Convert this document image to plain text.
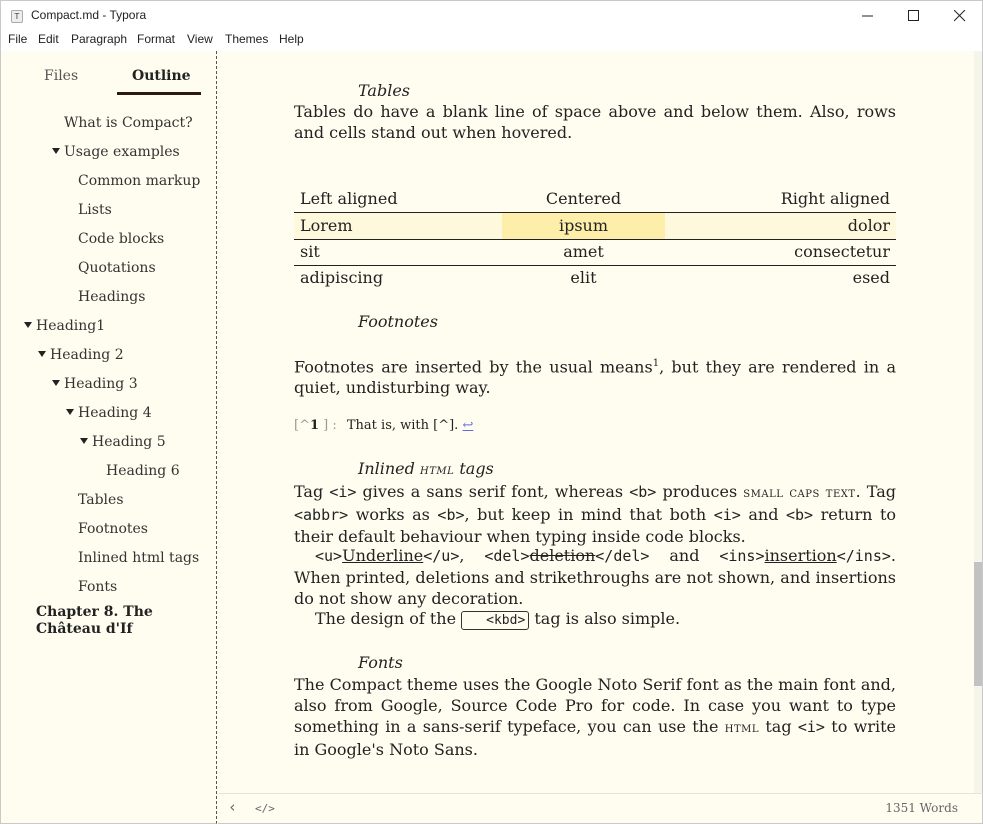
T Compact.md - Typora
File Edit Paragraph Format View Themes Help
Files	Outline
What is Compact?
Usage examples
Common markup
Lists
Code blocks
Quotations
Headings
Heading1
Heading 2
Heading 3
Heading 4
Heading 5
Heading 6
Tables
Footnotes
Inlined html tags
Fonts
Chapter 8. The Château d'If
Tables
Tables do have a blank line of space above and below them. Also, rows and cells stand out when hovered.
Left aligned	Centered	Right aligned
Lorem	ipsum	dolor
sit	amet	consectetur
adipiscing	elit	esed
Footnotes
Footnotes are inserted by the usual means$^1$, but they are rendered in a quiet, undisturbing way.
[^1 ] : That is, with [^]. ↩
Inlined html tags
Tag <i> gives a sans serif font, whereas <b> produces small caps text. Tag <abbr> works as <b>, but keep in mind that both <i> and <b> return to their default behaviour when typing inside code blocks.
<u>Underline</u>, <del>deletion</del> and <ins>insertion</ins>. When printed, deletions and strikethroughs are not shown, and insertions do not show any decoration.
The design of the <kbd> tag is also simple.
Fonts
The Compact theme uses the Google Noto Serif font as the main font and, also from Google, Source Code Pro for code. In case you want to type something in a sans-serif typeface, you can use the html tag <i> to write in Google's Noto Sans.
‹ </>	1351 Words
